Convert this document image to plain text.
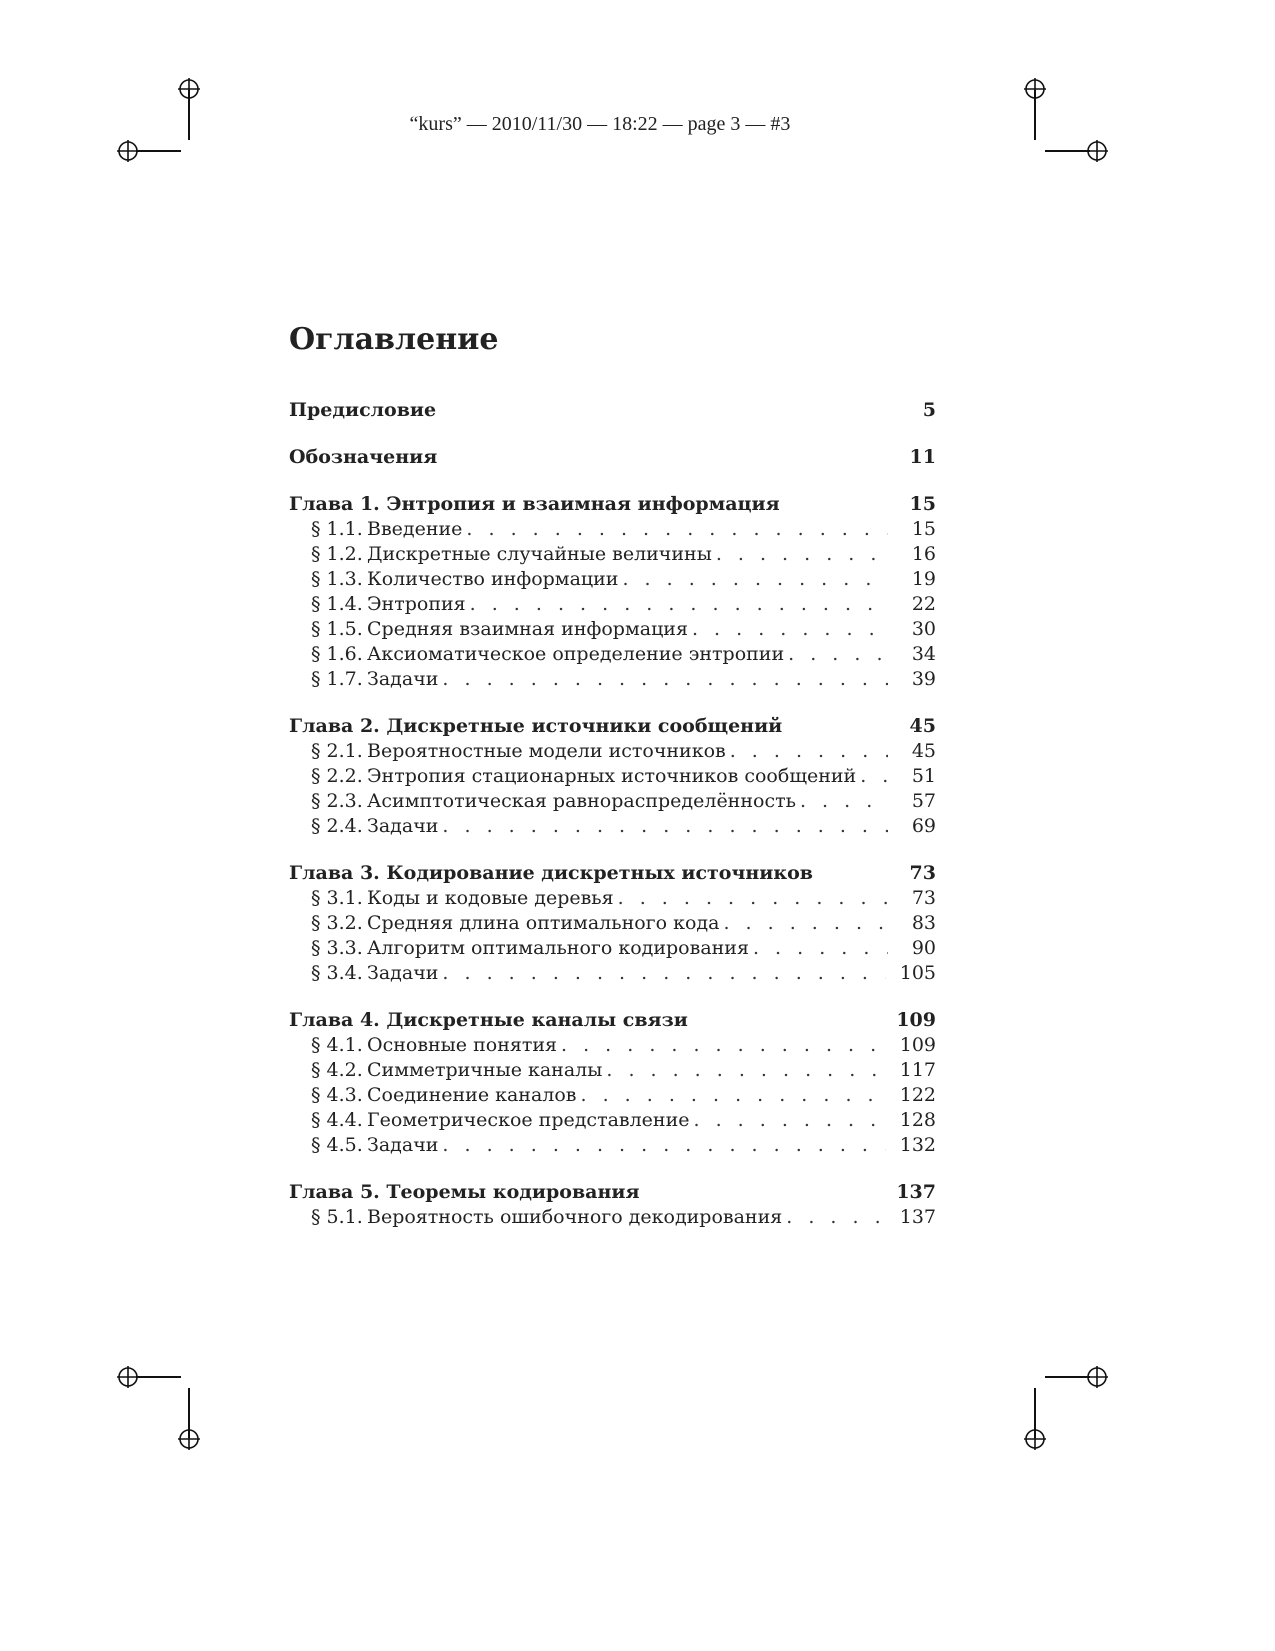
“kurs” — 2010/11/30 — 18:22 — page 3 — #3
Оглавление
Предисловие	5
Обозначения	11
Глава 1. Энтропия и взаимная информация	15
§ 1.1. Введение . . .	15
§ 1.2. Дискретные случайные величины . . .	16
§ 1.3. Количество информации . . .	19
§ 1.4. Энтропия . . .	22
§ 1.5. Средняя взаимная информация . . .	30
§ 1.6. Аксиоматическое определение энтропии . . .	34
§ 1.7. Задачи . . .	39
Глава 2. Дискретные источники сообщений	45
§ 2.1. Вероятностные модели источников . . .	45
§ 2.2. Энтропия стационарных источников сообщений . . .	51
§ 2.3. Асимптотическая равнораспределённость . . .	57
§ 2.4. Задачи . . .	69
Глава 3. Кодирование дискретных источников	73
§ 3.1. Коды и кодовые деревья . . .	73
§ 3.2. Средняя длина оптимального кода . . .	83
§ 3.3. Алгоритм оптимального кодирования . . .	90
§ 3.4. Задачи . . .	105
Глава 4. Дискретные каналы связи	109
§ 4.1. Основные понятия . . .	109
§ 4.2. Симметричные каналы . . .	117
§ 4.3. Соединение каналов . . .	122
§ 4.4. Геометрическое представление . . .	128
§ 4.5. Задачи . . .	132
Глава 5. Теоремы кодирования	137
§ 5.1. Вероятность ошибочного декодирования . . .	137
